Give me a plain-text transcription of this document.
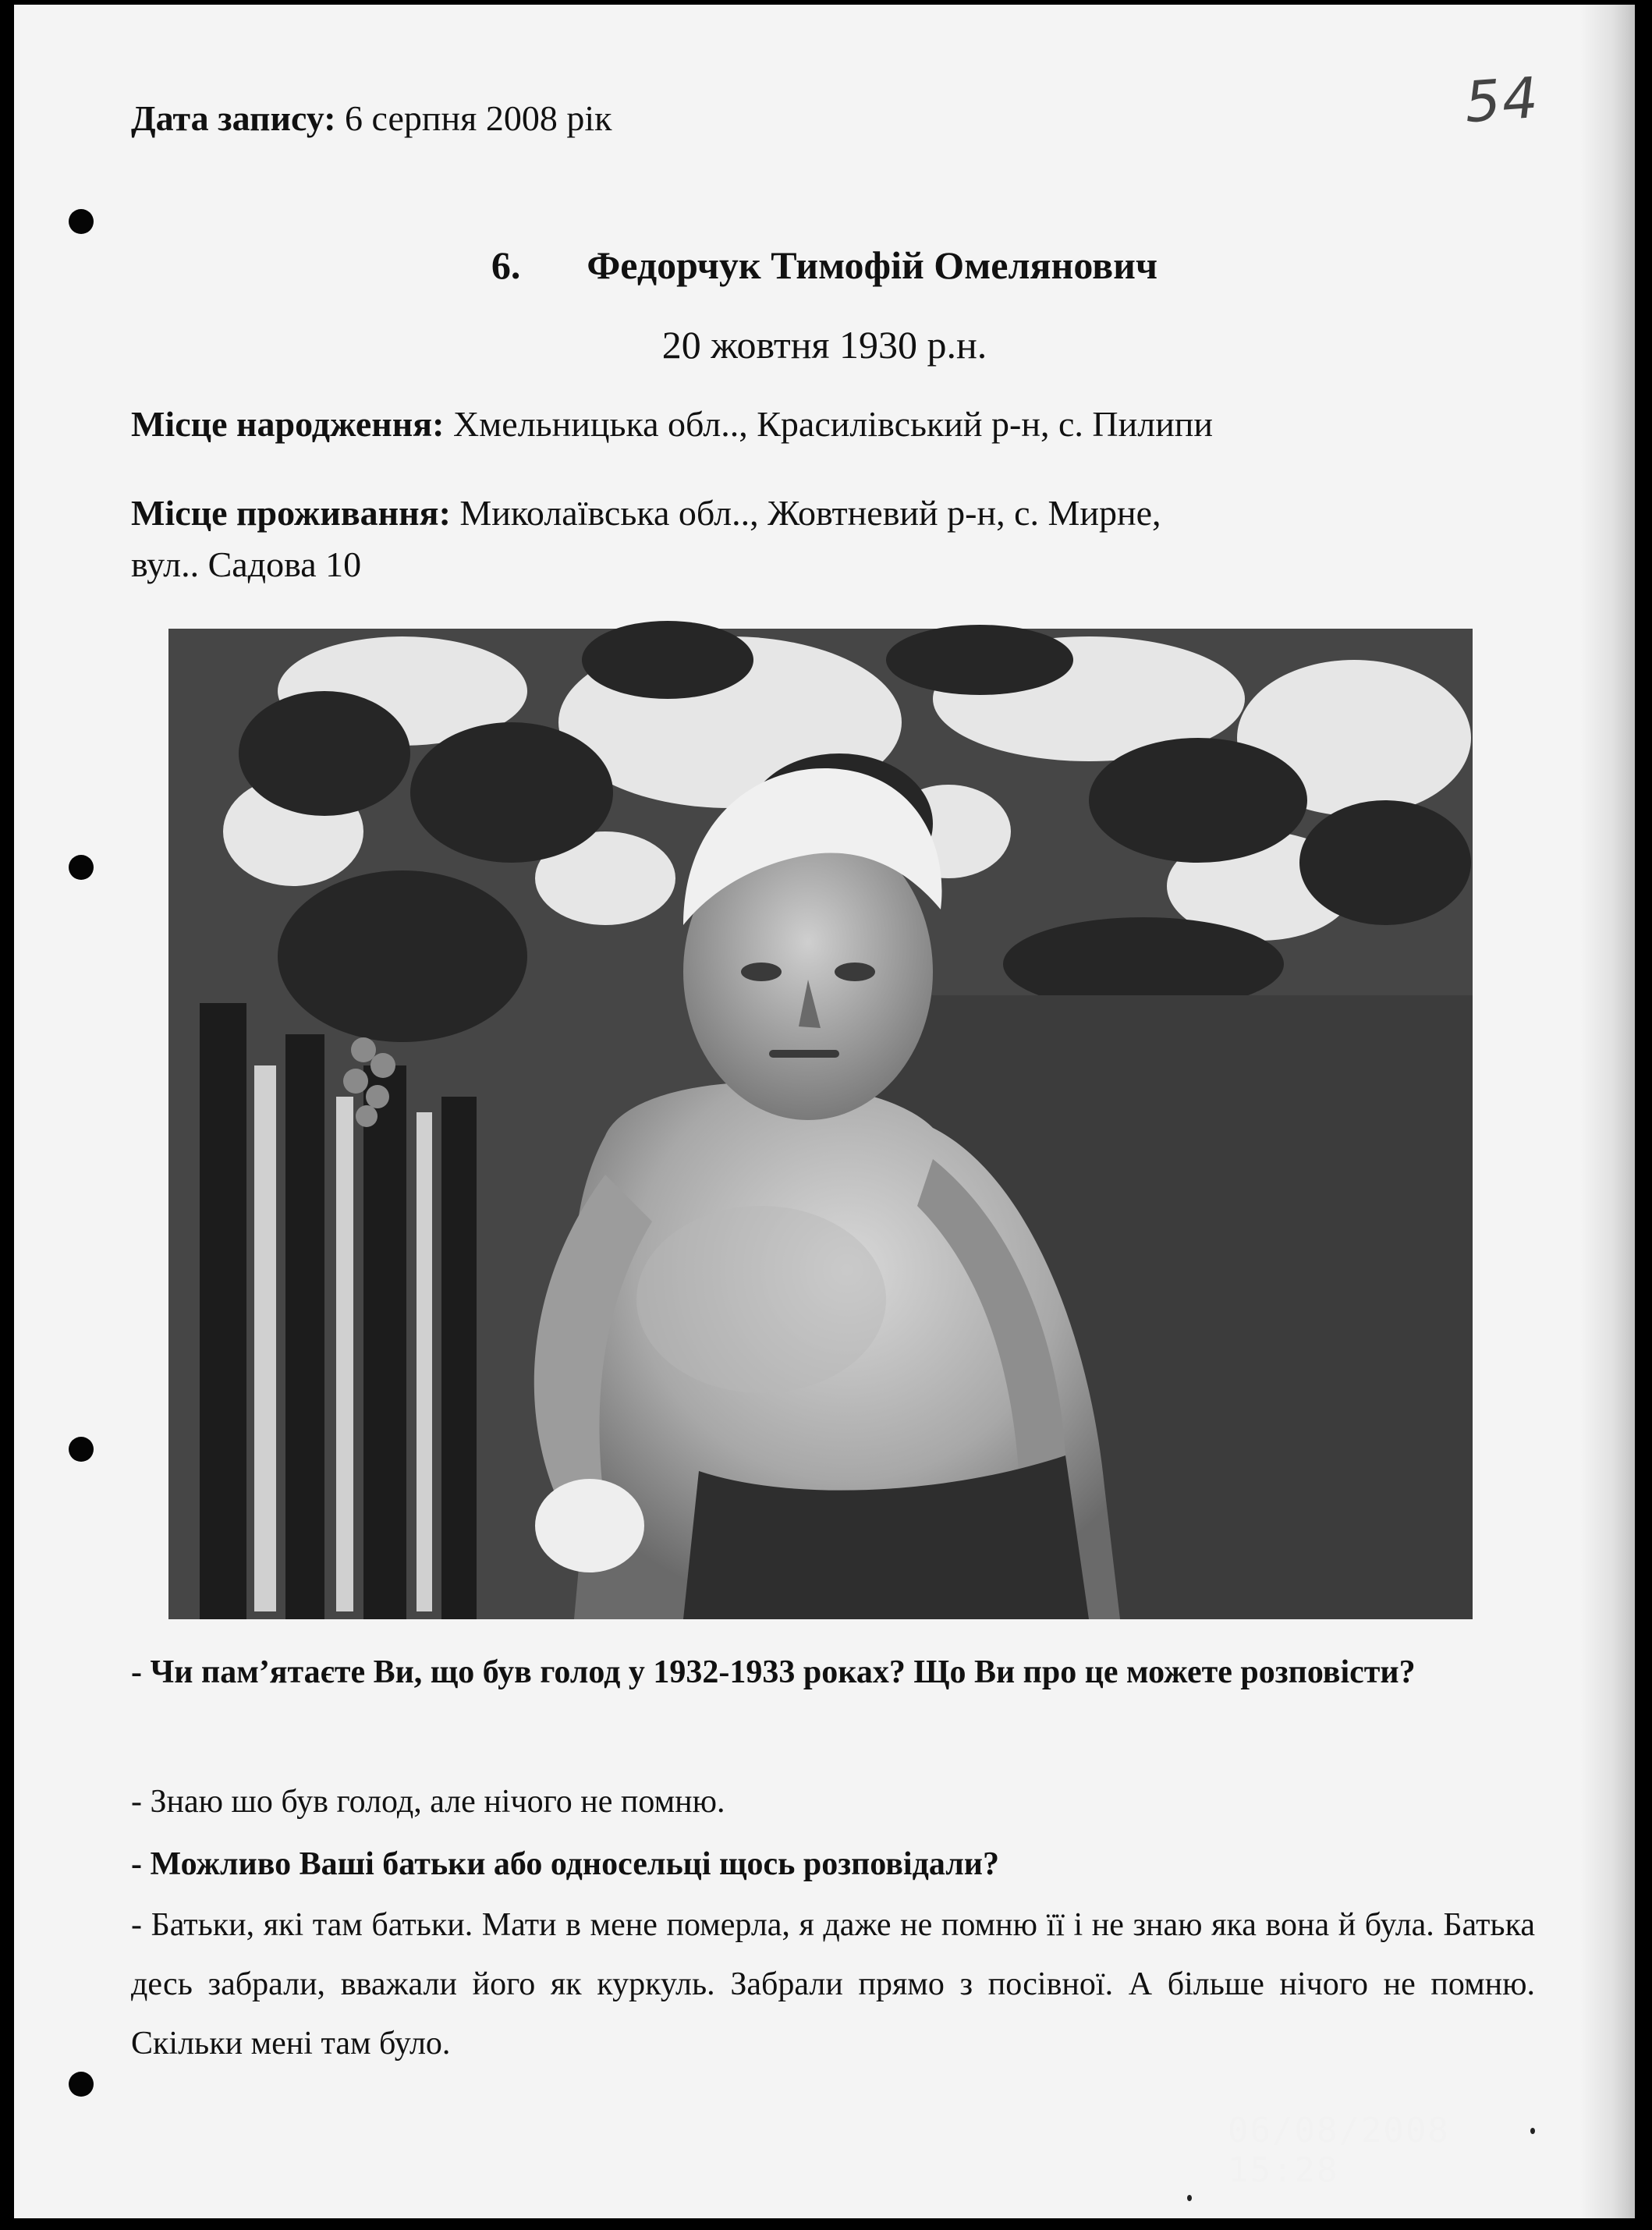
Дата запису: 6 серпня 2008 рік	54
6. Федорчук Тимофій Омелянович
20 жовтня 1930 р.н.
Місце народження: Хмельницька обл.., Красилівський р-н, с. Пилипи
Місце проживання: Миколаївська обл.., Жовтневий р-н, с. Мирне,
вул.. Садова 10
06/08/2008 15:28
- Чи пам’ятаєте Ви, що був голод у 1932-1933 роках? Що Ви про це можете розповісти?
- Знаю шо був голод, але нічого не помню.
- Можливо Ваші батьки або односельці щось розповідали?
- Батьки, які там батьки. Мати в мене померла, я даже не помню її і не знаю яка вона й була. Батька десь забрали, вважали його як куркуль. Забрали прямо з посівної. А більше нічого не помню. Скільки мені там було.
